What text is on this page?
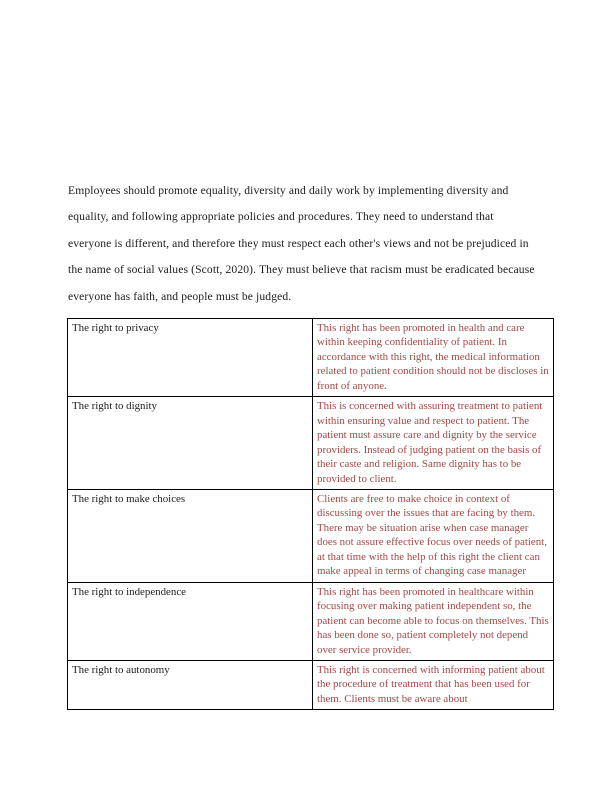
Employees should promote equality, diversity and daily work by implementing diversity and equality, and following appropriate policies and procedures. They need to understand that everyone is different, and therefore they must respect each other's views and not be prejudiced in the name of social values (Scott, 2020). They must believe that racism must be eradicated because everyone has faith, and people must be judged.

The right to privacy	This right has been promoted in health and care within keeping confidentiality of patient. In accordance with this right, the medical information related to patient condition should not be discloses in front of anyone.

The right to dignity	This is concerned with assuring treatment to patient within ensuring value and respect to patient. The patient must assure care and dignity by the service providers. Instead of judging patient on the basis of their caste and religion. Same dignity has to be provided to client.

The right to make choices	Clients are free to make choice in context of discussing over the issues that are facing by them. There may be situation arise when case manager does not assure effective focus over needs of patient, at that time with the help of this right the client can make appeal in terms of changing case manager

The right to independence	This right has been promoted in healthcare within focusing over making patient independent so, the patient can become able to focus on themselves. This has been done so, patient completely not depend over service provider.

The right to autonomy	This right is concerned with informing patient about the procedure of treatment that has been used for them. Clients must be aware about
